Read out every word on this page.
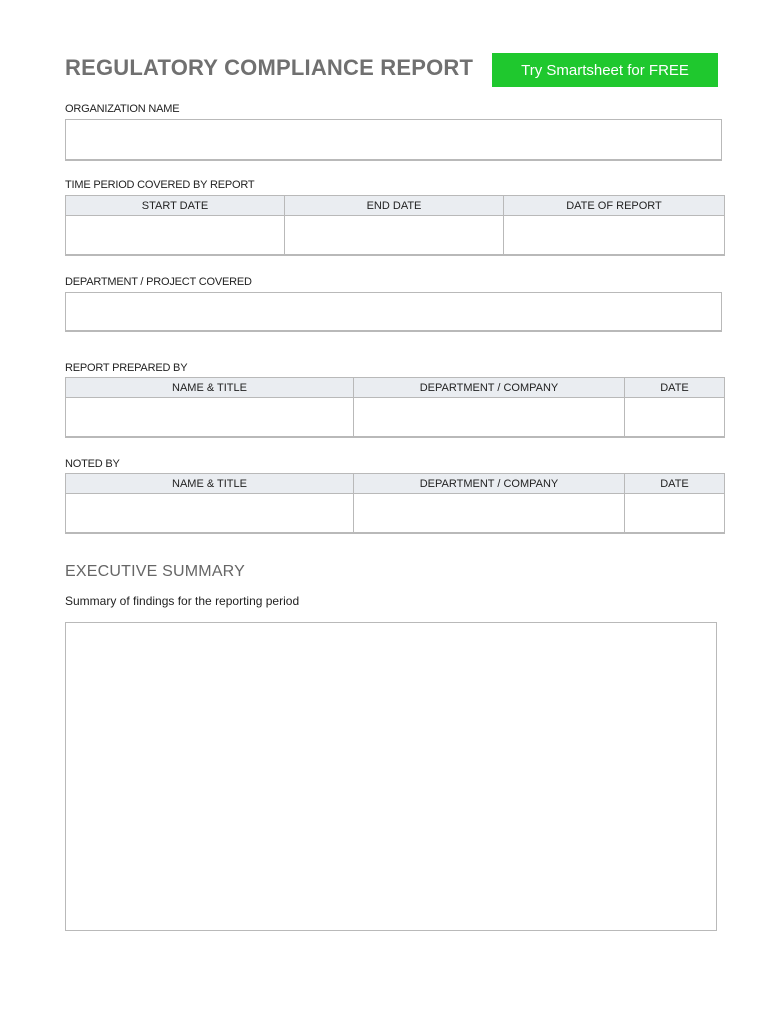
REGULATORY COMPLIANCE REPORT	Try Smartsheet for FREE
ORGANIZATION NAME
TIME PERIOD COVERED BY REPORT
START DATE	END DATE	DATE OF REPORT

DEPARTMENT / PROJECT COVERED
REPORT PREPARED BY
NAME & TITLE	DEPARTMENT / COMPANY	DATE

NOTED BY
NAME & TITLE	DEPARTMENT / COMPANY	DATE

EXECUTIVE SUMMARY
Summary of findings for the reporting period
